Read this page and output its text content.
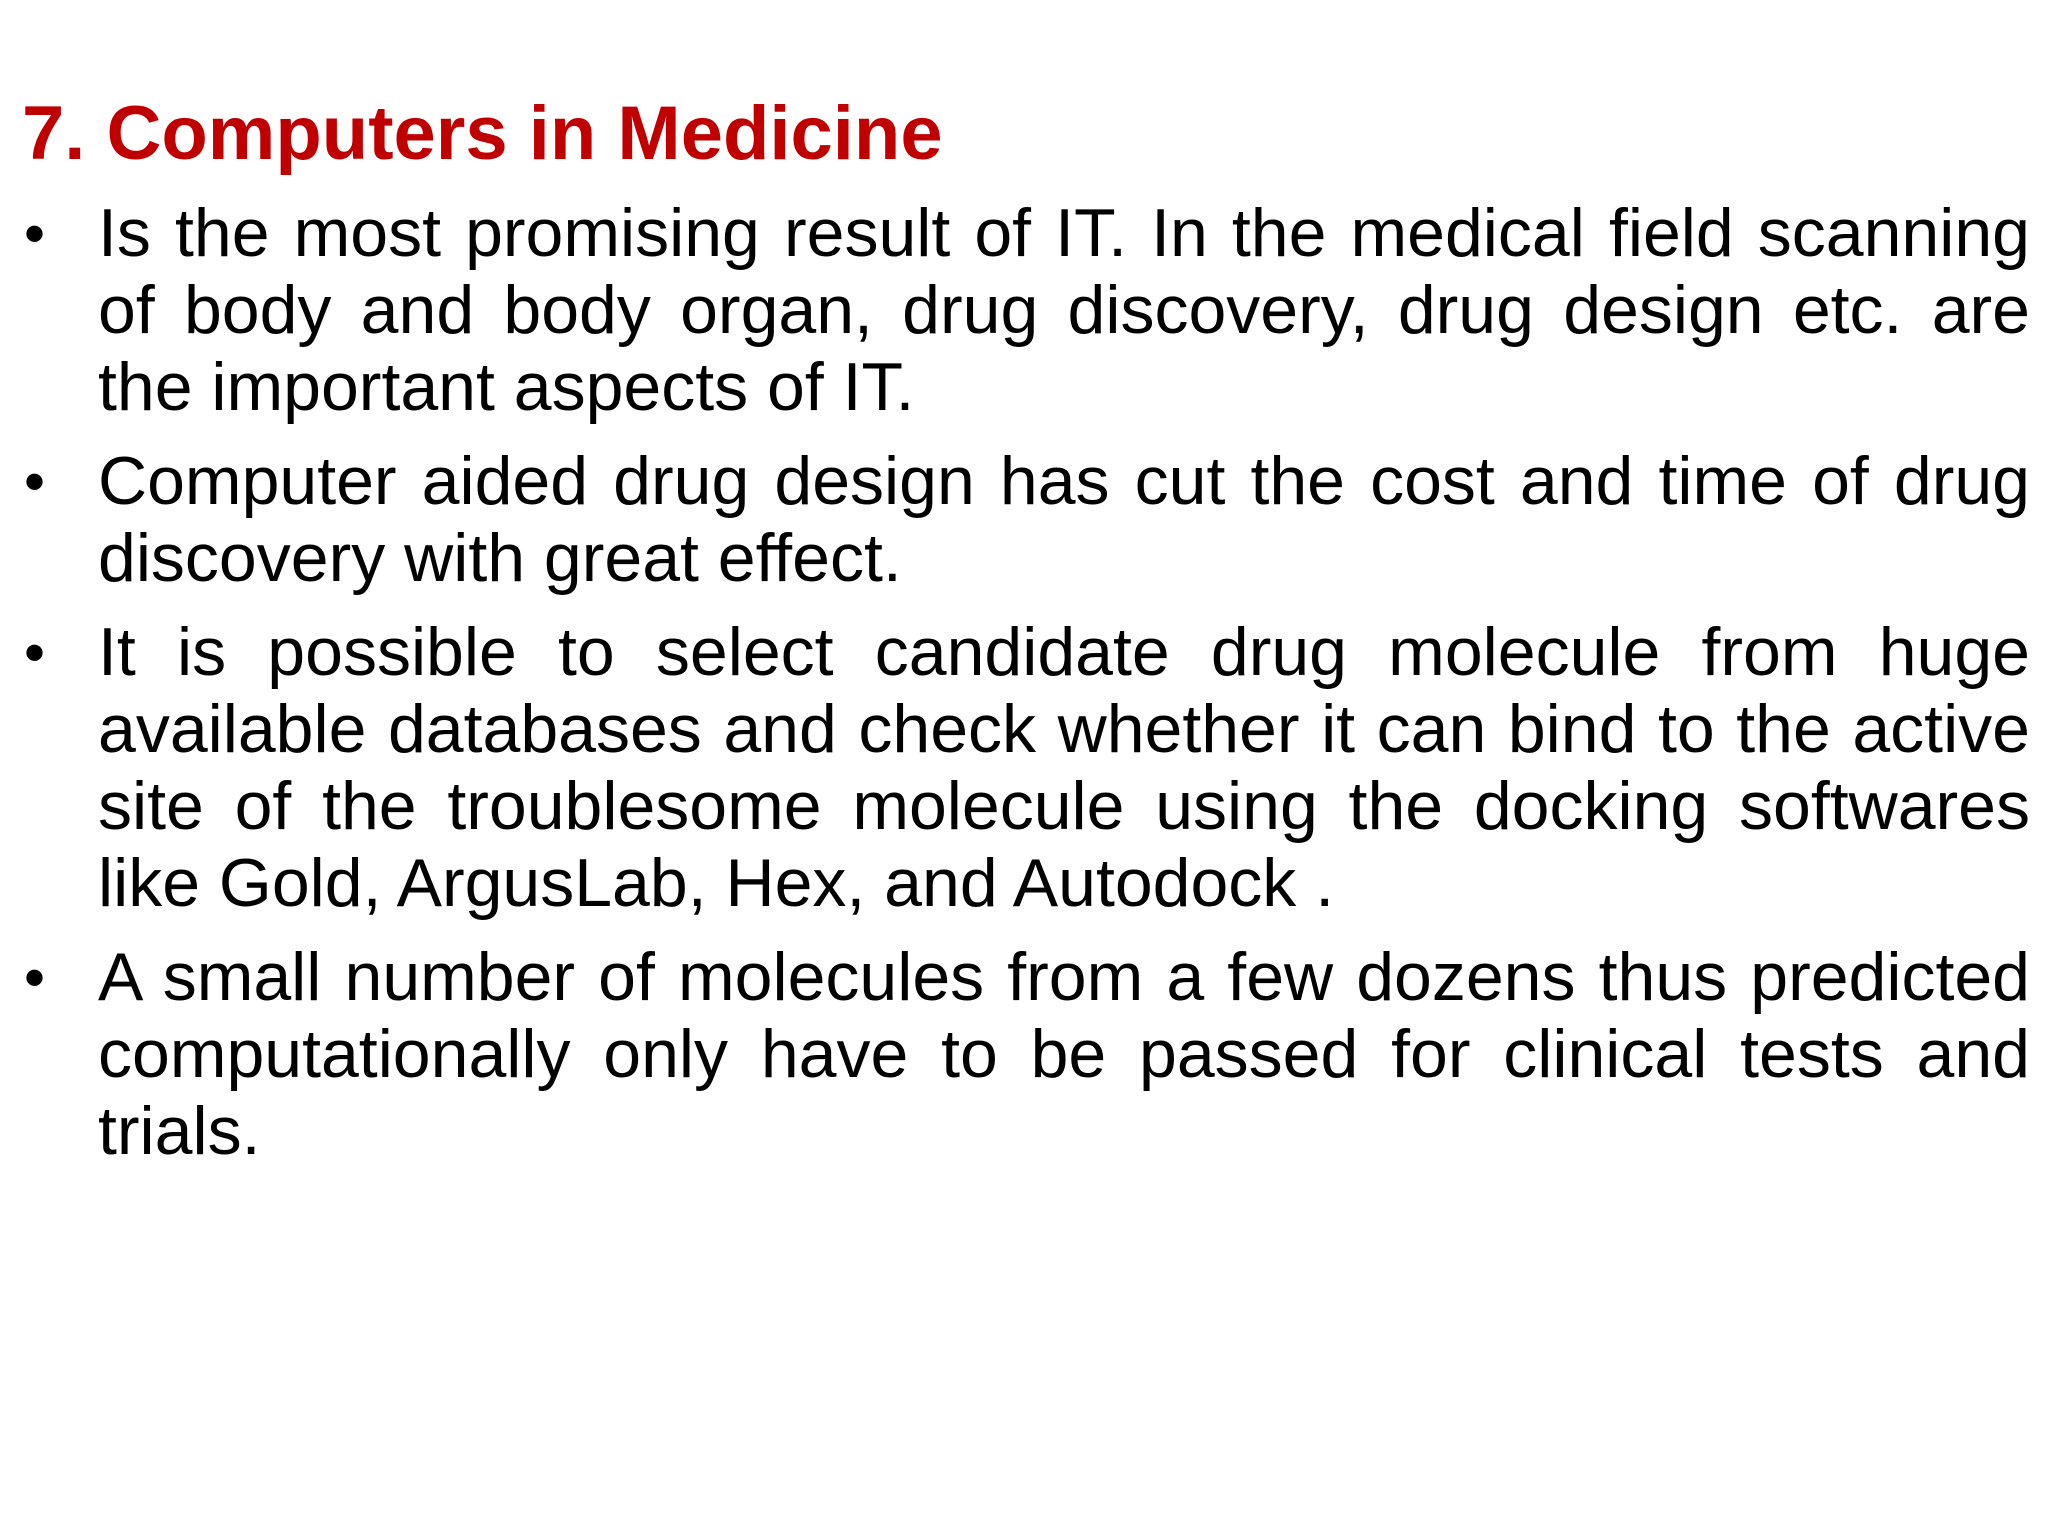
7. Computers in Medicine
• Is the most promising result of IT. In the medical field scanning of body and body organ, drug discovery, drug design etc. are the important aspects of IT.
• Computer aided drug design has cut the cost and time of drug discovery with great effect.
• It is possible to select candidate drug molecule from huge available databases and check whether it can bind to the active site of the troublesome molecule using the docking softwares like Gold, ArgusLab, Hex, and Autodock .
• A small number of molecules from a few dozens thus predicted computationally only have to be passed for clinical tests and trials.
